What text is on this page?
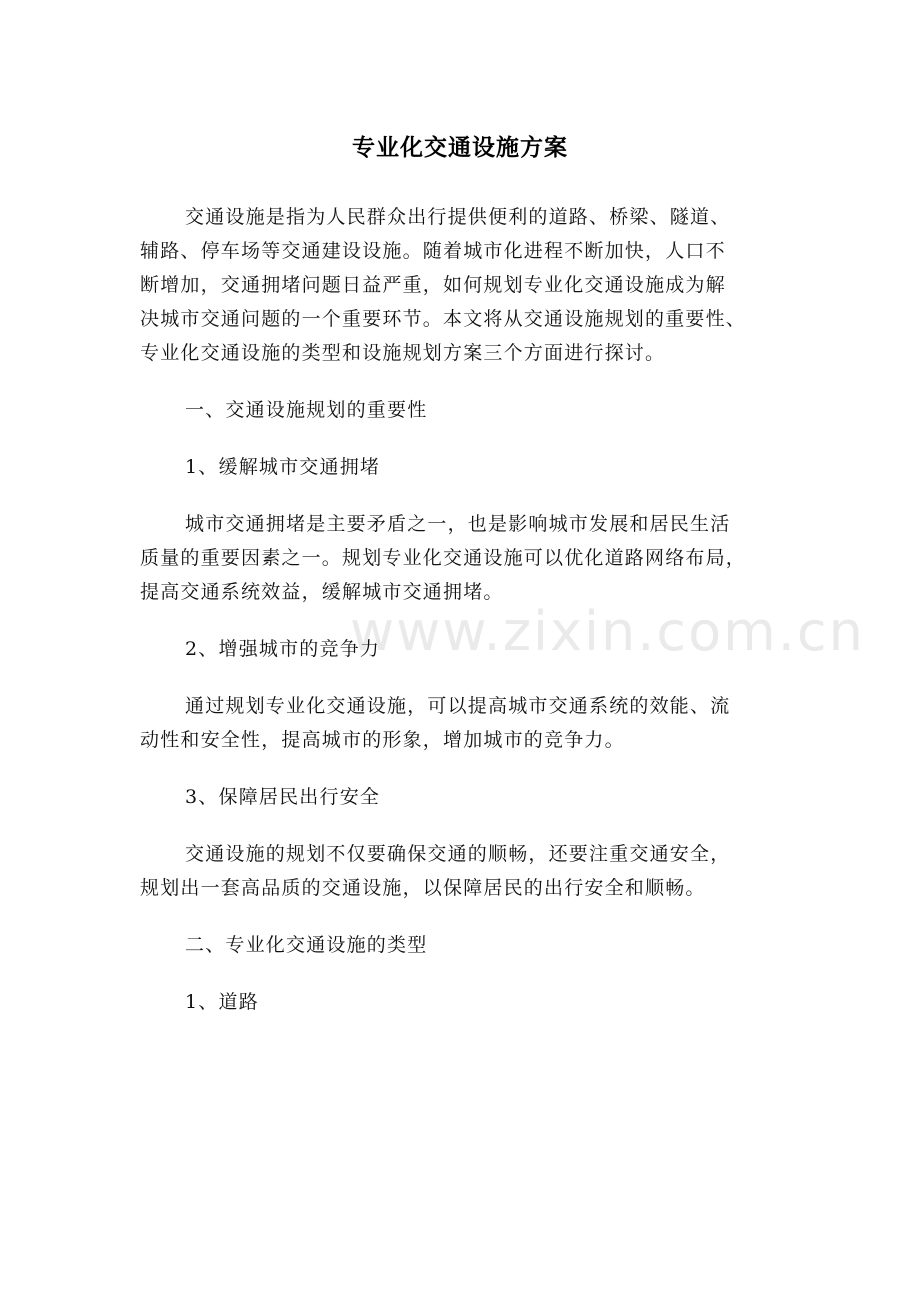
专业化交通设施方案

交通设施是指为人民群众出行提供便利的道路、桥梁、隧道、
辅路、停车场等交通建设设施。随着城市化进程不断加快，人口不
断增加，交通拥堵问题日益严重，如何规划专业化交通设施成为解
决城市交通问题的一个重要环节。本文将从交通设施规划的重要性、
专业化交通设施的类型和设施规划方案三个方面进行探讨。

一、交通设施规划的重要性

1、缓解城市交通拥堵

城市交通拥堵是主要矛盾之一，也是影响城市发展和居民生活
质量的重要因素之一。规划专业化交通设施可以优化道路网络布局，
提高交通系统效益，缓解城市交通拥堵。

2、增强城市的竞争力

通过规划专业化交通设施，可以提高城市交通系统的效能、流
动性和安全性，提高城市的形象，增加城市的竞争力。

3、保障居民出行安全

交通设施的规划不仅要确保交通的顺畅，还要注重交通安全，
规划出一套高品质的交通设施，以保障居民的出行安全和顺畅。

二、专业化交通设施的类型

1、道路

www.zixin.com.cn
